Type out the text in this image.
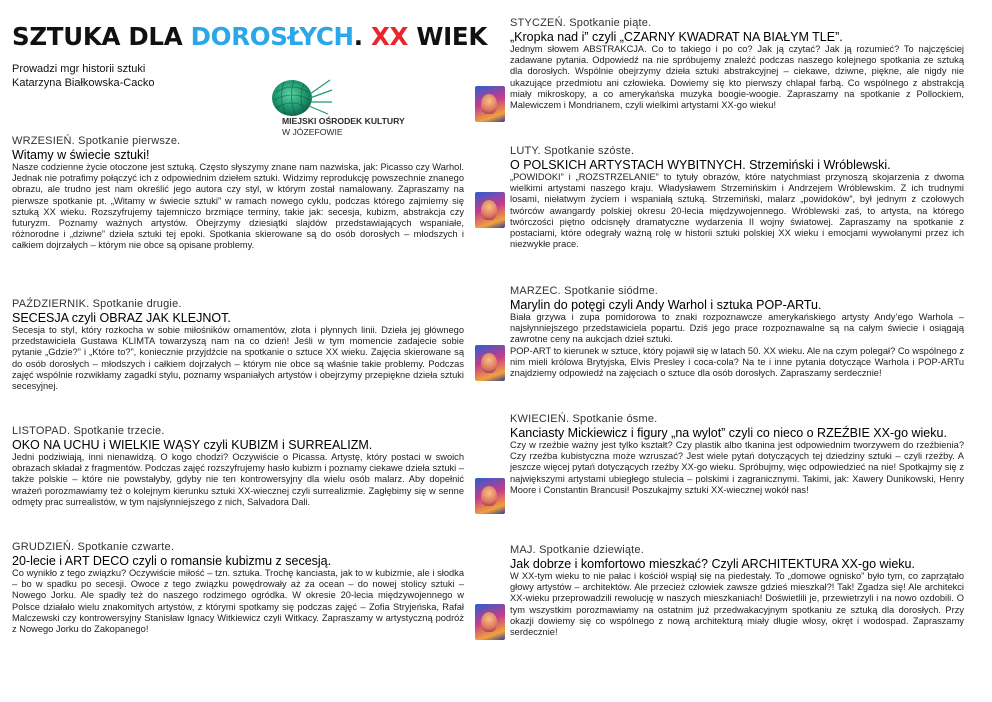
SZTUKA DLA DOROSŁYCH. XX WIEK
Prowadzi mgr historii sztuki
Katarzyna Białkowska-Cacko
MIEJSKI OŚRODEK KULTURY
W JÓZEFOWIE
WRZESIEŃ. Spotkanie pierwsze.
Witamy w świecie sztuki!
Nasze codzienne życie otoczone jest sztuką. Często słyszymy znane nam nazwiska, jak: Picasso czy Warhol. Jednak nie potrafimy połączyć ich z odpowiednim dziełem sztuki. Widzimy reprodukcję powszechnie znanego obrazu, ale trudno jest nam określić jego autora czy styl, w którym został namalowany. Zapraszamy na pierwsze spotkanie pt. „Witamy w świecie sztuki” w ramach nowego cyklu, podczas którego zajmiemy się sztuką XX wieku. Rozszyfrujemy tajemniczo brzmiące terminy, takie jak: secesja, kubizm, abstrakcja czy futuryzm. Poznamy ważnych artystów. Obejrzymy dziesiątki slajdów przedstawiających wspaniałe, różnorodne i „dziwne” dzieła sztuki tej epoki. Spotkania skierowane są do osób dorosłych – młodszych i całkiem dojrzałych – którym nie obce są opisane problemy.
PAŹDZIERNIK. Spotkanie drugie.
SECESJA czyli OBRAZ JAK KLEJNOT.
Secesja to styl, który rozkocha w sobie miłośników ornamentów, złota i płynnych linii. Dzieła jej głównego przedstawiciela Gustawa KLIMTA towarzyszą nam na co dzień! Jeśli w tym momencie zadajecie sobie pytanie „Gdzie?” i „Które to?”, koniecznie przyjdźcie na spotkanie o sztuce XX wieku. Zajęcia skierowane są do osób dorosłych – młodszych i całkiem dojrzałych – którym nie obce są właśnie takie problemy. Podczas zajęć wspólnie rozwikłamy zagadki stylu, poznamy wspaniałych artystów i obejrzymy przepiękne dzieła sztuki secesyjnej.
LISTOPAD. Spotkanie trzecie.
OKO NA UCHU i WIELKIE WĄSY czyli KUBIZM i SURREALIZM.
Jedni podziwiają, inni nienawidzą. O kogo chodzi? Oczywiście o Picassa. Artystę, który postaci w swoich obrazach składał z fragmentów. Podczas zajęć rozszyfrujemy hasło kubizm i poznamy ciekawe dzieła sztuki – także polskie – które nie powstałyby, gdyby nie ten kontrowersyjny dla wielu osób malarz. Aby dopełnić wrażeń porozmawiamy też o kolejnym kierunku sztuki XX-wiecznej czyli surrealizmie. Zagłębimy się w senne odmęty prac surrealistów, w tym najsłynniejszego z nich, Salvadora Dali.
GRUDZIEŃ. Spotkanie czwarte.
20-lecie i ART DECO czyli o romansie kubizmu z secesją.
Co wynikło z tego związku? Oczywiście miłość – tzn. sztuka. Trochę kanciasta, jak to w kubizmie, ale i słodka – bo w spadku po secesji. Owoce z tego związku powędrowały aż za ocean – do nowej stolicy sztuki – Nowego Jorku. Ale spadły też do naszego rodzimego ogródka. W okresie 20-lecia międzywojennego w Polsce działało wielu znakomitych artystów, z którymi spotkamy się podczas zajęć – Zofia Stryjeńska, Rafał Malczewski czy kontrowersyjny Stanisław Ignacy Witkiewicz czyli Witkacy. Zapraszamy w artystyczną podróż z Nowego Jorku do Zakopanego!
STYCZEŃ. Spotkanie piąte.
„Kropka nad i” czyli „CZARNY KWADRAT NA BIAŁYM TLE”.
Jednym słowem ABSTRAKCJA. Co to takiego i po co? Jak ją czytać? Jak ją rozumieć? To najczęściej zadawane pytania. Odpowiedź na nie spróbujemy znaleźć podczas naszego kolejnego spotkania ze sztuką dla dorosłych. Wspólnie obejrzymy dzieła sztuki abstrakcyjnej – ciekawe, dziwne, piękne, ale nigdy nie ukazujące przedmiotu ani człowieka. Dowiemy się kto pierwszy chlapał farbą. Co wspólnego z abstrakcją miały mikroskopy, a co amerykańska muzyka boogie-woogie. Zapraszamy na spotkanie z Pollockiem, Malewiczem i Mondrianem, czyli wielkimi artystami XX-go wieku!
LUTY. Spotkanie szóste.
O POLSKICH ARTYSTACH WYBITNYCH. Strzemiński i Wróblewski.
„POWIDOKI” i „ROZSTRZELANIE” to tytuły obrazów, które natychmiast przynoszą skojarzenia z dwoma wielkimi artystami naszego kraju. Władysławem Strzemińskim i Andrzejem Wróblewskim. Z ich trudnymi losami, niełatwym życiem i wspaniałą sztuką. Strzemiński, malarz „powidoków”, był jednym z czołowych twórców awangardy polskiej okresu 20-lecia międzywojennego. Wróblewski zaś, to artysta, na którego twórczości piętno odcisnęły dramatyczne wydarzenia II wojny światowej. Zapraszamy na spotkanie z postaciami, które odegrały ważną rolę w historii sztuki polskiej XX wieku i emocjami wywołanymi przez ich niezwykłe prace.
MARZEC. Spotkanie siódme.
Marylin do potęgi czyli Andy Warhol i sztuka POP-ARTu.
Biała grzywa i zupa pomidorowa to znaki rozpoznawcze amerykańskiego artysty Andy’ego Warhola – najsłynniejszego przedstawiciela popartu. Dziś jego prace rozpoznawalne są na całym świecie i osiągają zawrotne ceny na aukcjach dzieł sztuki.
POP-ART to kierunek w sztuce, który pojawił się w latach 50. XX wieku. Ale na czym polegał? Co wspólnego z nim mieli królowa Brytyjska, Elvis Presley i coca-cola? Na te i inne pytania dotyczące Warhola i POP-ARTu znajdziemy odpowiedź na zajęciach o sztuce dla osób dorosłych. Zapraszamy serdecznie!
KWIECIEŃ. Spotkanie ósme.
Kanciasty Mickiewicz i figury „na wylot” czyli co nieco o RZEŹBIE XX-go wieku.
Czy w rzeźbie ważny jest tylko kształt? Czy plastik albo tkanina jest odpowiednim tworzywem do rzeźbienia? Czy rzeźba kubistyczna może wzruszać? Jest wiele pytań dotyczących tej dziedziny sztuki – czyli rzeźby. A jeszcze więcej pytań dotyczących rzeźby XX-go wieku. Spróbujmy, więc odpowiedzieć na nie! Spotkajmy się z największymi artystami ubiegłego stulecia – polskimi i zagranicznymi. Takimi, jak: Xawery Dunikowski, Henry Moore i Constantin Brancusi! Poszukajmy sztuki XX-wiecznej wokół nas!
MAJ. Spotkanie dziewiąte.
Jak dobrze i komfortowo mieszkać? Czyli ARCHITEKTURA XX-go wieku.
W XX-tym wieku to nie pałac i kościół wspiął się na piedestały. To „domowe ognisko” było tym, co zaprzątało głowy artystów – architektów. Ale przecież człowiek zawsze gdzieś mieszkał?! Tak! Zgadza się! Ale architekci XX-wieku przeprowadzili rewolucję w naszych mieszkaniach! Doświetlili je, przewietrzyli i na nowo ozdobili. O tym wszystkim porozmawiamy na ostatnim już przedwakacyjnym spotkaniu ze sztuką dla dorosłych. Przy okazji dowiemy się co wspólnego z nową architekturą miały długie włosy, okręt i wodospad. Zapraszamy serdecznie!
